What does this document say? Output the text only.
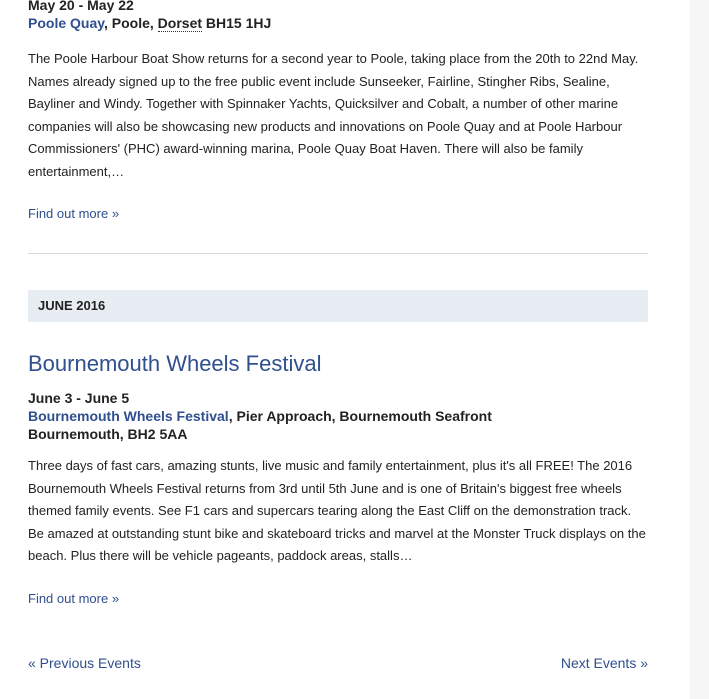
May 20 - May 22

Poole Quay, Poole, Dorset BH15 1HJ

The Poole Harbour Boat Show returns for a second year to Poole, taking place from the 20th to 22nd May. Names already signed up to the free public event include Sunseeker, Fairline, Stingher Ribs, Sealine, Bayliner and Windy. Together with Spinnaker Yachts, Quicksilver and Cobalt, a number of other marine companies will also be showcasing new products and innovations on Poole Quay and at Poole Harbour Commissioners' (PHC) award-winning marina, Poole Quay Boat Haven. There will also be family entertainment,…

Find out more »
JUNE 2016
Bournemouth Wheels Festival

June 3 - June 5

Bournemouth Wheels Festival, Pier Approach, Bournemouth Seafront

Bournemouth, BH2 5AA

Three days of fast cars, amazing stunts, live music and family entertainment, plus it's all FREE! The 2016 Bournemouth Wheels Festival returns from 3rd until 5th June and is one of Britain's biggest free wheels themed family events. See F1 cars and supercars tearing along the East Cliff on the demonstration track. Be amazed at outstanding stunt bike and skateboard tricks and marvel at the Monster Truck displays on the beach. Plus there will be vehicle pageants, paddock areas, stalls…

Find out more »
« Previous Events	Next Events »
